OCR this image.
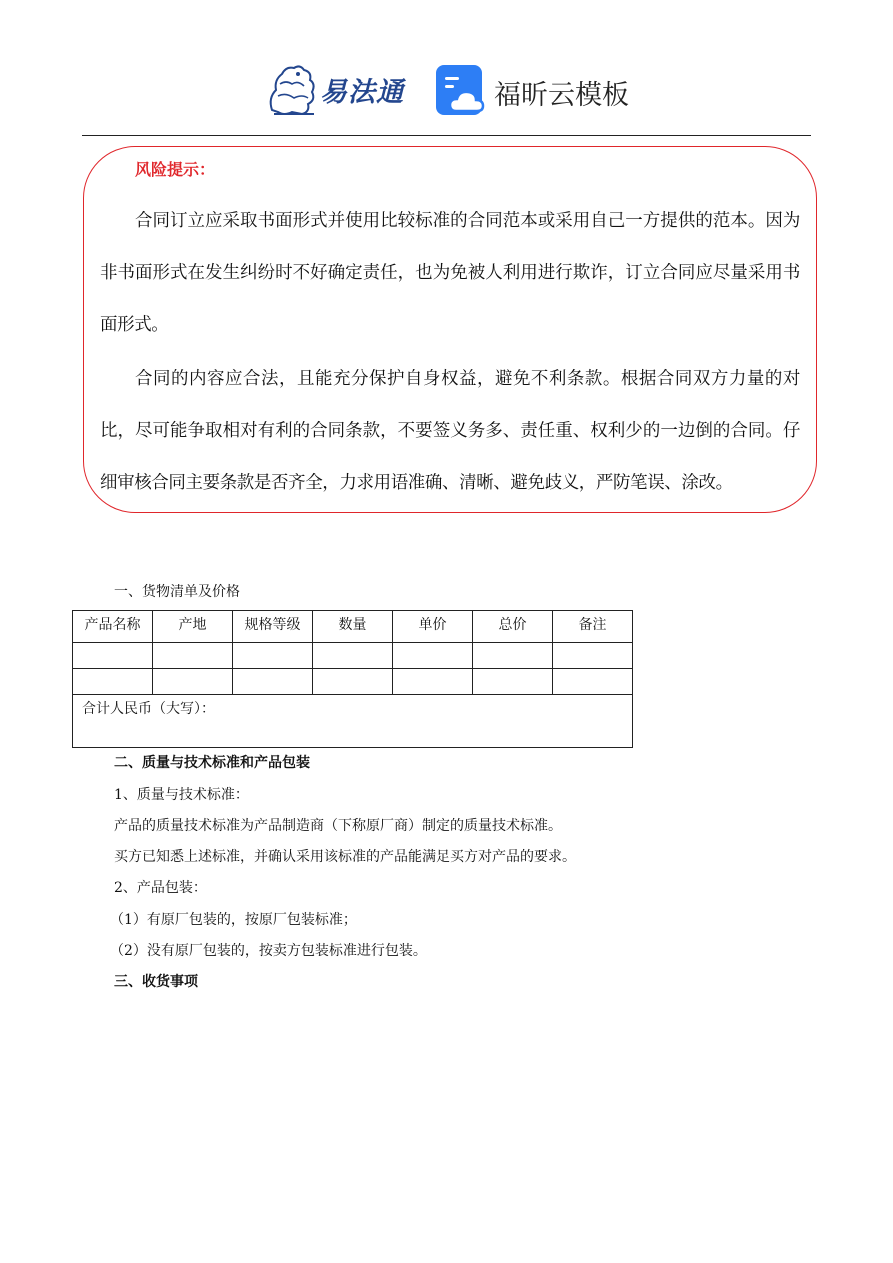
易法通	福昕云模板
风险提示：

合同订立应采取书面形式并使用比较标准的合同范本或采用自己一方提供的范本。因为非书面形式在发生纠纷时不好确定责任，也为免被人利用进行欺诈，订立合同应尽量采用书面形式。

合同的内容应合法，且能充分保护自身权益，避免不利条款。根据合同双方力量的对比，尽可能争取相对有利的合同条款，不要签义务多、责任重、权利少的一边倒的合同。仔细审核合同主要条款是否齐全，力求用语准确、清晰、避免歧义，严防笔误、涂改。

一、货物清单及价格
产品名称	产地	规格等级	数量	单价	总价	备注

合计人民币（大写）：						
二、质量与技术标准和产品包装
1、质量与技术标准：
产品的质量技术标准为产品制造商（下称原厂商）制定的质量技术标准。
买方已知悉上述标准，并确认采用该标准的产品能满足买方对产品的要求。
2、产品包装：
（1）有原厂包装的，按原厂包装标准；
（2）没有原厂包装的，按卖方包装标准进行包装。
三、收货事项
